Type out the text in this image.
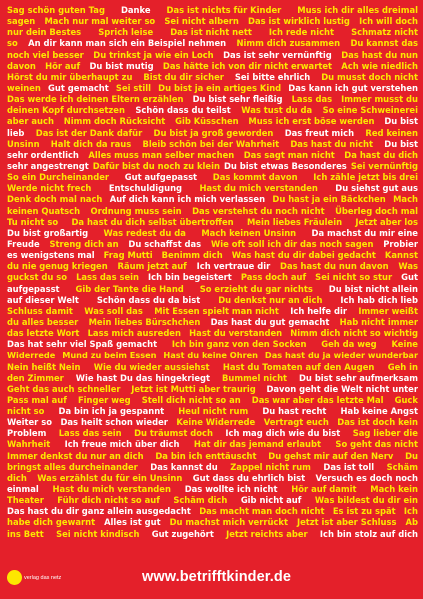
Sag schön guten Tag Danke Das ist nichts für Kinder Muss ich dir alles dreimal
sagen Mach nur mal weiter so Sei nicht albern Das ist wirklich lustig Ich will doch
nur dein Bestes Sprich leise Das ist nicht nett Ich rede nicht Schmatz nicht
so An dir kann man sich ein Beispiel nehmen Nimm dich zusammen Du kannst das
noch viel besser Du trinkst ja wie ein Loch Das ist sehr vernünftig Das hast du nun
davon Hör auf Du bist mutig Das hätte ich von dir nicht erwartet Ach wie niedlich
Hörst du mir überhaupt zu Bist du dir sicher Sei bitte ehrlich Du musst doch nicht
weinen Gut gemacht Sei still Du bist ja ein artiges Kind Das kann ich gut verstehen
Das werde ich deinen Eltern erzählen Du bist sehr fleißig Lass das Immer musst du
deinen Kopf durchsetzen Schön dass du teilst Was tust du da So eine Schweinerei
aber auch Nimm doch Rücksicht Gib Küsschen Muss ich erst böse werden Du bist
lieb Das ist der Dank dafür Du bist ja groß geworden Das freut mich Red keinen
Unsinn Halt dich da raus Bleib schön bei der Wahrheit Das hast du nicht Du bist
sehr ordentlich Alles muss man selber machen Das sagt man nicht Da hast du dich
sehr angestrengt Dafür bist du noch zu klein Du bist etwas Besonderes Sei vernünftig
So ein Durcheinander Gut aufgepasst Das kommt davon Ich zähle jetzt bis drei
Werde nicht frech Entschuldigung Hast du mich verstanden Du siehst gut aus
Denk doch mal nach Auf dich kann ich mich verlassen Du hast ja ein Bäckchen Mach
keinen Quatsch Ordnung muss sein Das verstehst du noch nicht Überleg doch mal
Tu nicht so Da hast du dich selbst übertroffen Mein liebes Fräulein Jetzt aber los
Du bist großartig Was redest du da Mach keinen Unsinn Da machst du mir eine
Freude Streng dich an Du schaffst das Wie oft soll ich dir das noch sagen Probier
es wenigstens mal Frag Mutti Benimm dich Was hast du dir dabei gedacht Kannst
du nie genug kriegen Räum jetzt auf Ich vertraue dir Das hast du nun davon Was
guckst du so Lass das sein Ich bin begeistert Pass doch auf Sei nicht so stur Gut
aufgepasst Gib der Tante die Hand So erzieht du gar nichts Du bist nicht allein
auf dieser Welt Schön dass du da bist Du denkst nur an dich Ich hab dich lieb
Schluss damit Was soll das Mit Essen spielt man nicht Ich helfe dir Immer weißt
du alles besser Mein liebes Bürschchen Das hast du gut gemacht Hab nicht immer
das letzte Wort Lass mich ausreden Hast du verstanden Nimm dich nicht so wichtig
Das hat sehr viel Spaß gemacht Ich bin ganz von den Socken Geh da weg Keine
Widerrede Mund zu beim Essen Hast du keine Ohren Das hast du ja wieder wunderbar
Nein heißt Nein Wie du wieder aussiehst Hast du Tomaten auf den Augen Geh in
den Zimmer Wie hast Du das hingekriegt Bummel nicht Du bist sehr aufmerksam
Geht das auch schneller Jetzt ist Mutti aber traurig Davon geht die Welt nicht unter
Pass mal auf Finger weg Stell dich nicht so an Das war aber das letzte Mal Guck
nicht so Da bin ich ja gespannt Heul nicht rum Du hast recht Hab keine Angst
Weiter so Das heilt schon wieder Keine Widerrede Vertragt euch Das ist doch kein
Problem Lass das sein Du träumst doch Ich mag dich wie du bist Sag lieber die
Wahrheit Ich freue mich über dich Hat dir das jemand erlaubt So geht das nicht
Immer denkst du nur an dich Da bin ich enttäuscht Du gehst mir auf den Nerv Du
bringst alles durcheinander Das kannst du Zappel nicht rum Das ist toll Schäm
dich Was erzählst du für ein Unsinn Gut dass du ehrlich bist Versuch es doch noch
einmal Hast du mich verstanden Das wollte ich nicht Hör auf damit Mach kein
Theater Führ dich nicht so auf Schäm dich Gib nicht auf Was bildest du dir ein
Das hast du dir ganz allein ausgedacht Das macht man doch nicht Es ist zu spät Ich
habe dich gewarnt Alles ist gut Du machst mich verrückt Jetzt ist aber Schluss Ab
ins Bett Sei nicht kindisch Gut zugehört Jetzt reichts aber Ich bin stolz auf dich
verlag das netz	www.betrifftkinder.de
